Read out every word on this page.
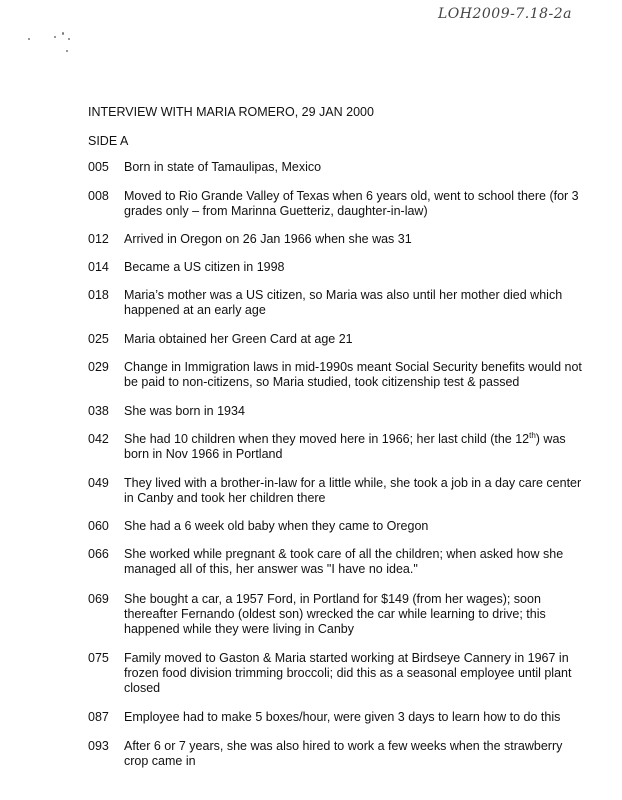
LOH2009-7.18-2a
INTERVIEW WITH MARIA ROMERO, 29 JAN 2000
SIDE A
005	Born in state of Tamaulipas, Mexico
008	Moved to Rio Grande Valley of Texas when 6 years old, went to school there (for 3 grades only – from Marinna Guetteriz, daughter-in-law)
012	Arrived in Oregon on 26 Jan 1966 when she was 31
014	Became a US citizen in 1998
018	Maria’s mother was a US citizen, so Maria was also until her mother died which happened at an early age
025	Maria obtained her Green Card at age 21
029	Change in Immigration laws in mid-1990s meant Social Security benefits would not be paid to non-citizens, so Maria studied, took citizenship test & passed
038	She was born in 1934
042	She had 10 children when they moved here in 1966; her last child (the 12th) was born in Nov 1966 in Portland
049	They lived with a brother-in-law for a little while, she took a job in a day care center in Canby and took her children there
060	She had a 6 week old baby when they came to Oregon
066	She worked while pregnant & took care of all the children; when asked how she managed all of this, her answer was "I have no idea."
069	She bought a car, a 1957 Ford, in Portland for $149 (from her wages); soon thereafter Fernando (oldest son) wrecked the car while learning to drive; this happened while they were living in Canby
075	Family moved to Gaston & Maria started working at Birdseye Cannery in 1967 in frozen food division trimming broccoli; did this as a seasonal employee until plant closed
087	Employee had to make 5 boxes/hour, were given 3 days to learn how to do this
093	After 6 or 7 years, she was also hired to work a few weeks when the strawberry crop came in
